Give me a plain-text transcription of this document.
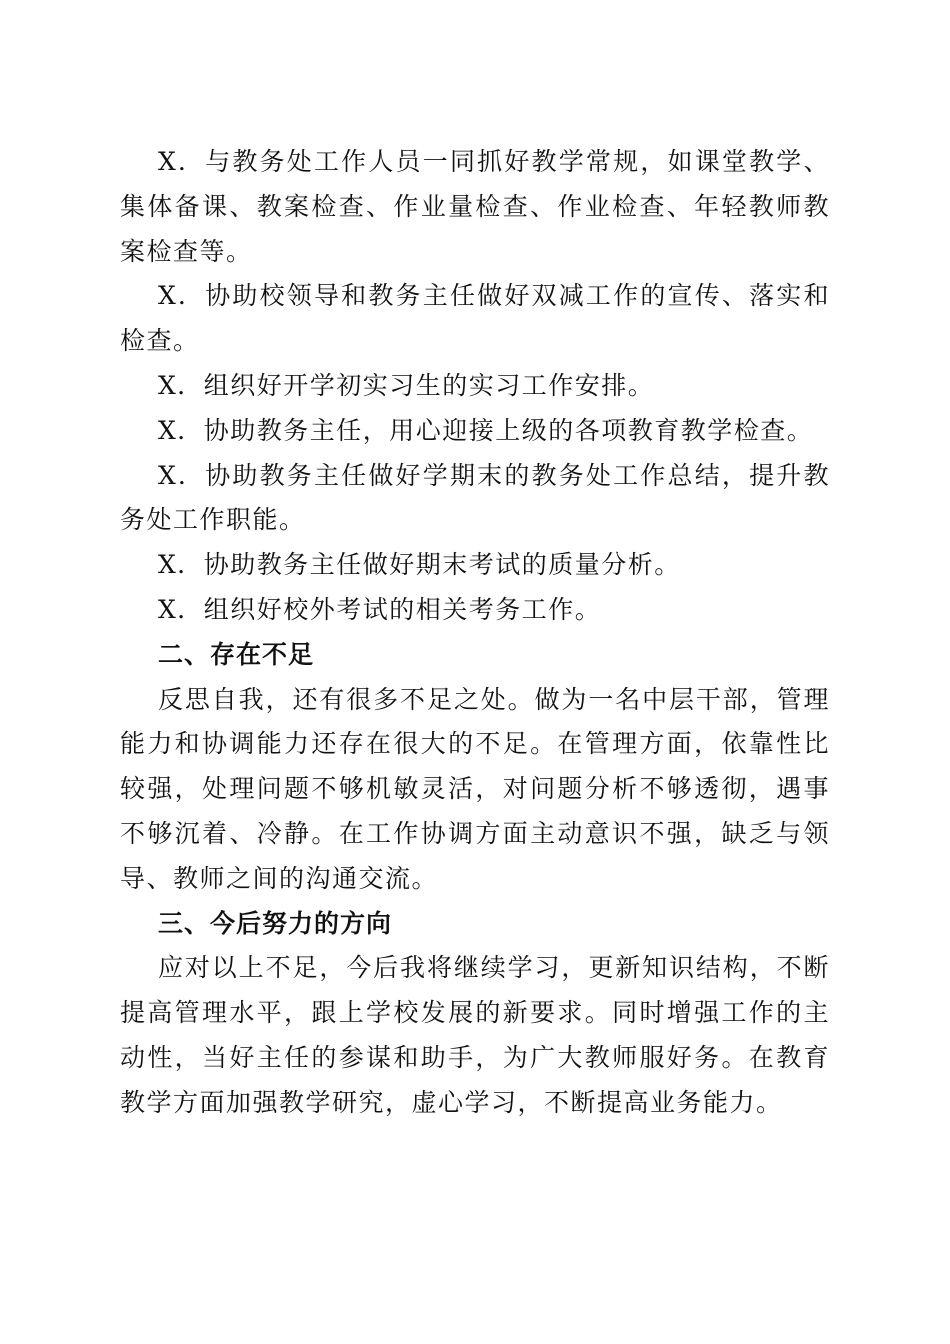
X．与教务处工作人员一同抓好教学常规，如课堂教学、集体备课、教案检查、作业量检查、作业检查、年轻教师教案检查等。

X．协助校领导和教务主任做好双减工作的宣传、落实和检查。

X．组织好开学初实习生的实习工作安排。

X．协助教务主任，用心迎接上级的各项教育教学检查。

X．协助教务主任做好学期末的教务处工作总结，提升教务处工作职能。

X．协助教务主任做好期末考试的质量分析。

X．组织好校外考试的相关考务工作。

二、存在不足

反思自我，还有很多不足之处。做为一名中层干部，管理能力和协调能力还存在很大的不足。在管理方面，依靠性比较强，处理问题不够机敏灵活，对问题分析不够透彻，遇事不够沉着、冷静。在工作协调方面主动意识不强，缺乏与领导、教师之间的沟通交流。

三、今后努力的方向

应对以上不足，今后我将继续学习，更新知识结构，不断提高管理水平，跟上学校发展的新要求。同时增强工作的主动性，当好主任的参谋和助手，为广大教师服好务。在教育教学方面加强教学研究，虚心学习，不断提高业务能力。
